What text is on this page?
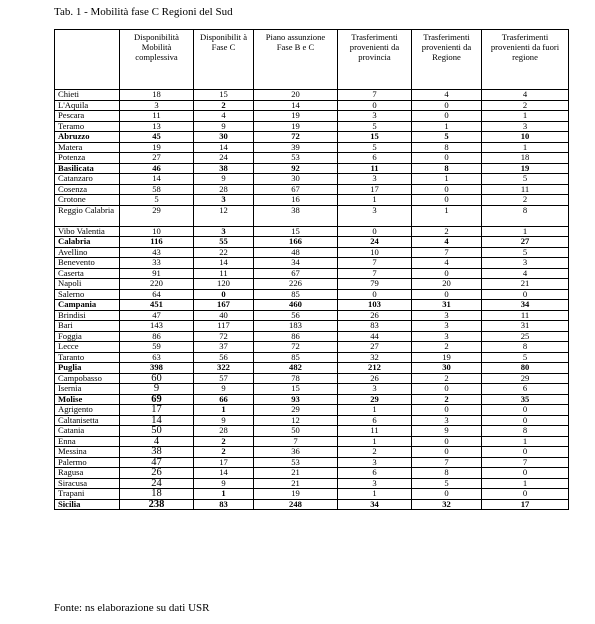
Tab. 1 - Mobilità fase C Regioni del Sud
	Disponibilità Mobilità complessiva	Disponibilit à Fase C	Piano assunzione Fase B e C	Trasferimenti provenienti da provincia	Trasferimenti provenienti da Regione	Trasferimenti provenienti da fuori regione
Chieti	18	15	20	7	4	4
L'Aquila	3	2	14	0	0	2
Pescara	11	4	19	3	0	1
Teramo	13	9	19	5	1	3
Abruzzo	45	30	72	15	5	10
Matera	19	14	39	5	8	1
Potenza	27	24	53	6	0	18
Basilicata	46	38	92	11	8	19
Catanzaro	14	9	30	3	1	5
Cosenza	58	28	67	17	0	11
Crotone	5	3	16	1	0	2
Reggio Calabria	29	12	38	3	1	8
Vibo Valentia	10	3	15	0	2	1
Calabria	116	55	166	24	4	27
Avellino	43	22	48	10	7	5
Benevento	33	14	34	7	4	3
Caserta	91	11	67	7	0	4
Napoli	220	120	226	79	20	21
Salerno	64	0	85	0	0	0
Campania	451	167	460	103	31	34
Brindisi	47	40	56	26	3	11
Bari	143	117	183	83	3	31
Foggia	86	72	86	44	3	25
Lecce	59	37	72	27	2	8
Taranto	63	56	85	32	19	5
Puglia	398	322	482	212	30	80
Campobasso	60	57	78	26	2	29
Isernia	9	9	15	3	0	6
Molise	69	66	93	29	2	35
Agrigento	17	1	29	1	0	0
Caltanisetta	14	9	12	6	3	0
Catania	50	28	50	11	9	8
Enna	4	2	7	1	0	1
Messina	38	2	36	2	0	0
Palermo	47	17	53	3	7	7
Ragusa	26	14	21	6	8	0
Siracusa	24	9	21	3	5	1
Trapani	18	1	19	1	0	0
Sicilia	238	83	248	34	32	17
Fonte: ns elaborazione su dati USR
